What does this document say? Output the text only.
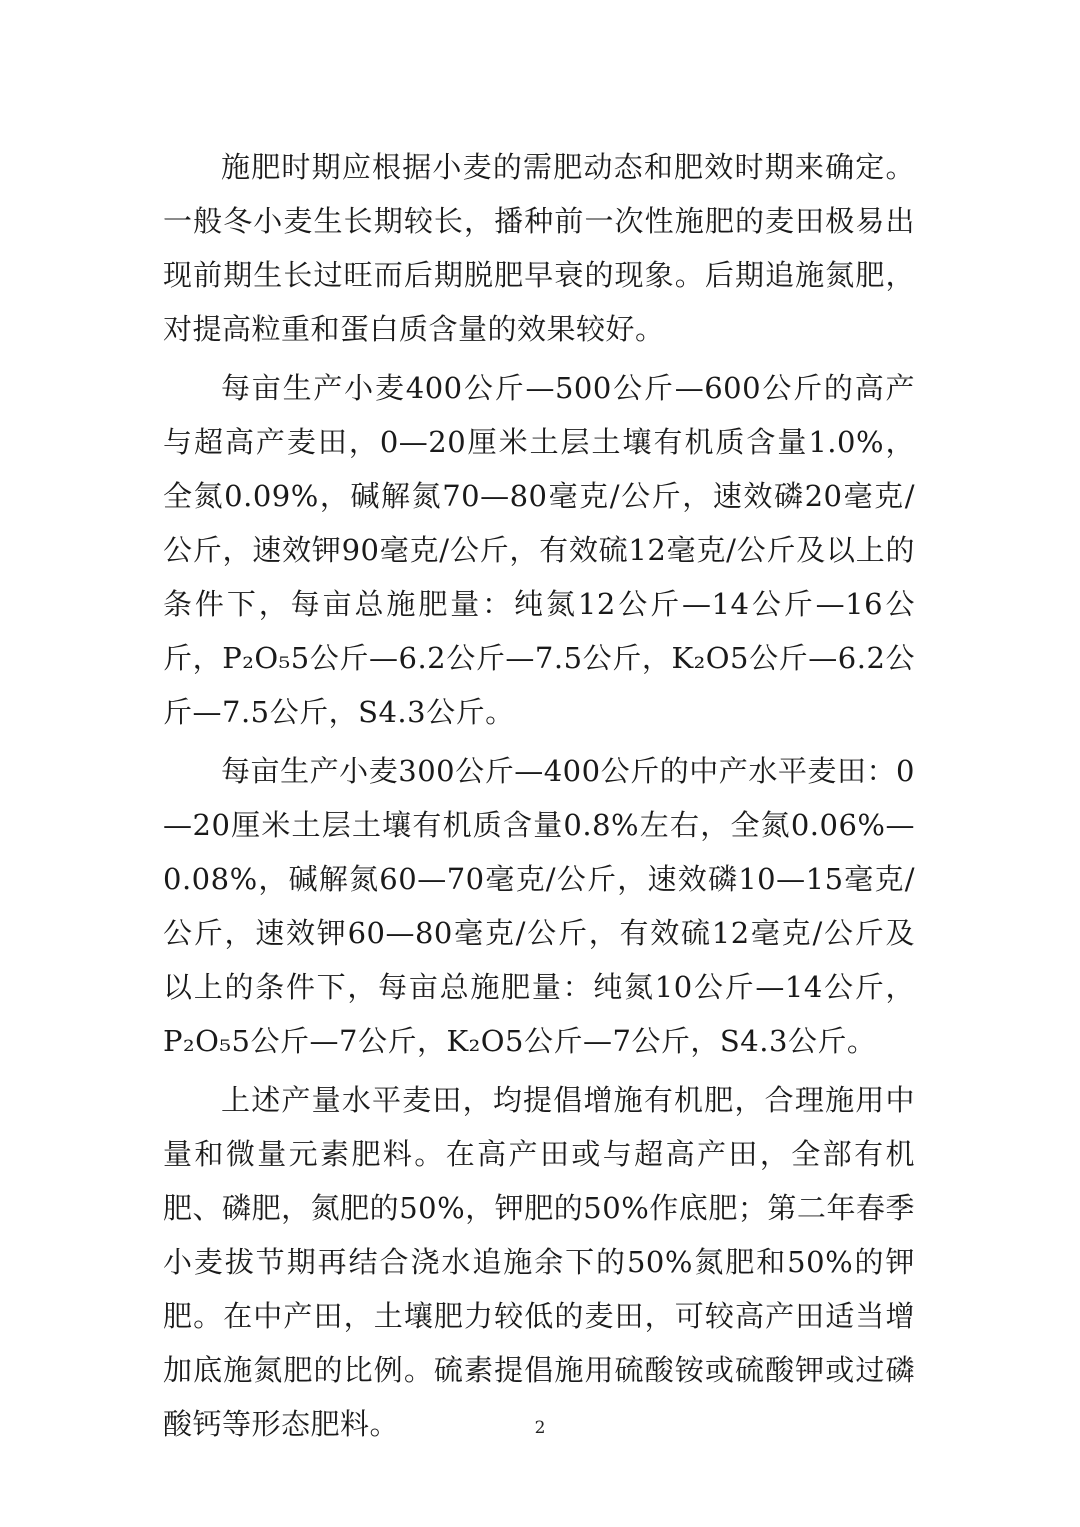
施肥时期应根据小麦的需肥动态和肥效时期来确定。一般冬小麦生长期较长，播种前一次性施肥的麦田极易出现前期生长过旺而后期脱肥早衰的现象。后期追施氮肥，对提高粒重和蛋白质含量的效果较好。

每亩生产小麦400公斤—500公斤—600公斤的高产与超高产麦田，0—20厘米土层土壤有机质含量1.0%，全氮0.09%，碱解氮70—80毫克/公斤，速效磷20毫克/公斤，速效钾90毫克/公斤，有效硫12毫克/公斤及以上的条件下，每亩总施肥量：纯氮12公斤—14公斤—16公斤，P₂O₅5公斤—6.2公斤—7.5公斤，K₂O5公斤—6.2公斤—7.5公斤，S4.3公斤。

每亩生产小麦300公斤—400公斤的中产水平麦田：0—20厘米土层土壤有机质含量0.8%左右，全氮0.06%—0.08%，碱解氮60—70毫克/公斤，速效磷10—15毫克/公斤，速效钾60—80毫克/公斤，有效硫12毫克/公斤及以上的条件下，每亩总施肥量：纯氮10公斤—14公斤，P₂O₅5公斤—7公斤，K₂O5公斤—7公斤，S4.3公斤。

上述产量水平麦田，均提倡增施有机肥，合理施用中量和微量元素肥料。在高产田或与超高产田，全部有机肥、磷肥，氮肥的50%，钾肥的50%作底肥；第二年春季小麦拔节期再结合浇水追施余下的50%氮肥和50%的钾肥。在中产田，土壤肥力较低的麦田，可较高产田适当增加底施氮肥的比例。硫素提倡施用硫酸铵或硫酸钾或过磷酸钙等形态肥料。	2
